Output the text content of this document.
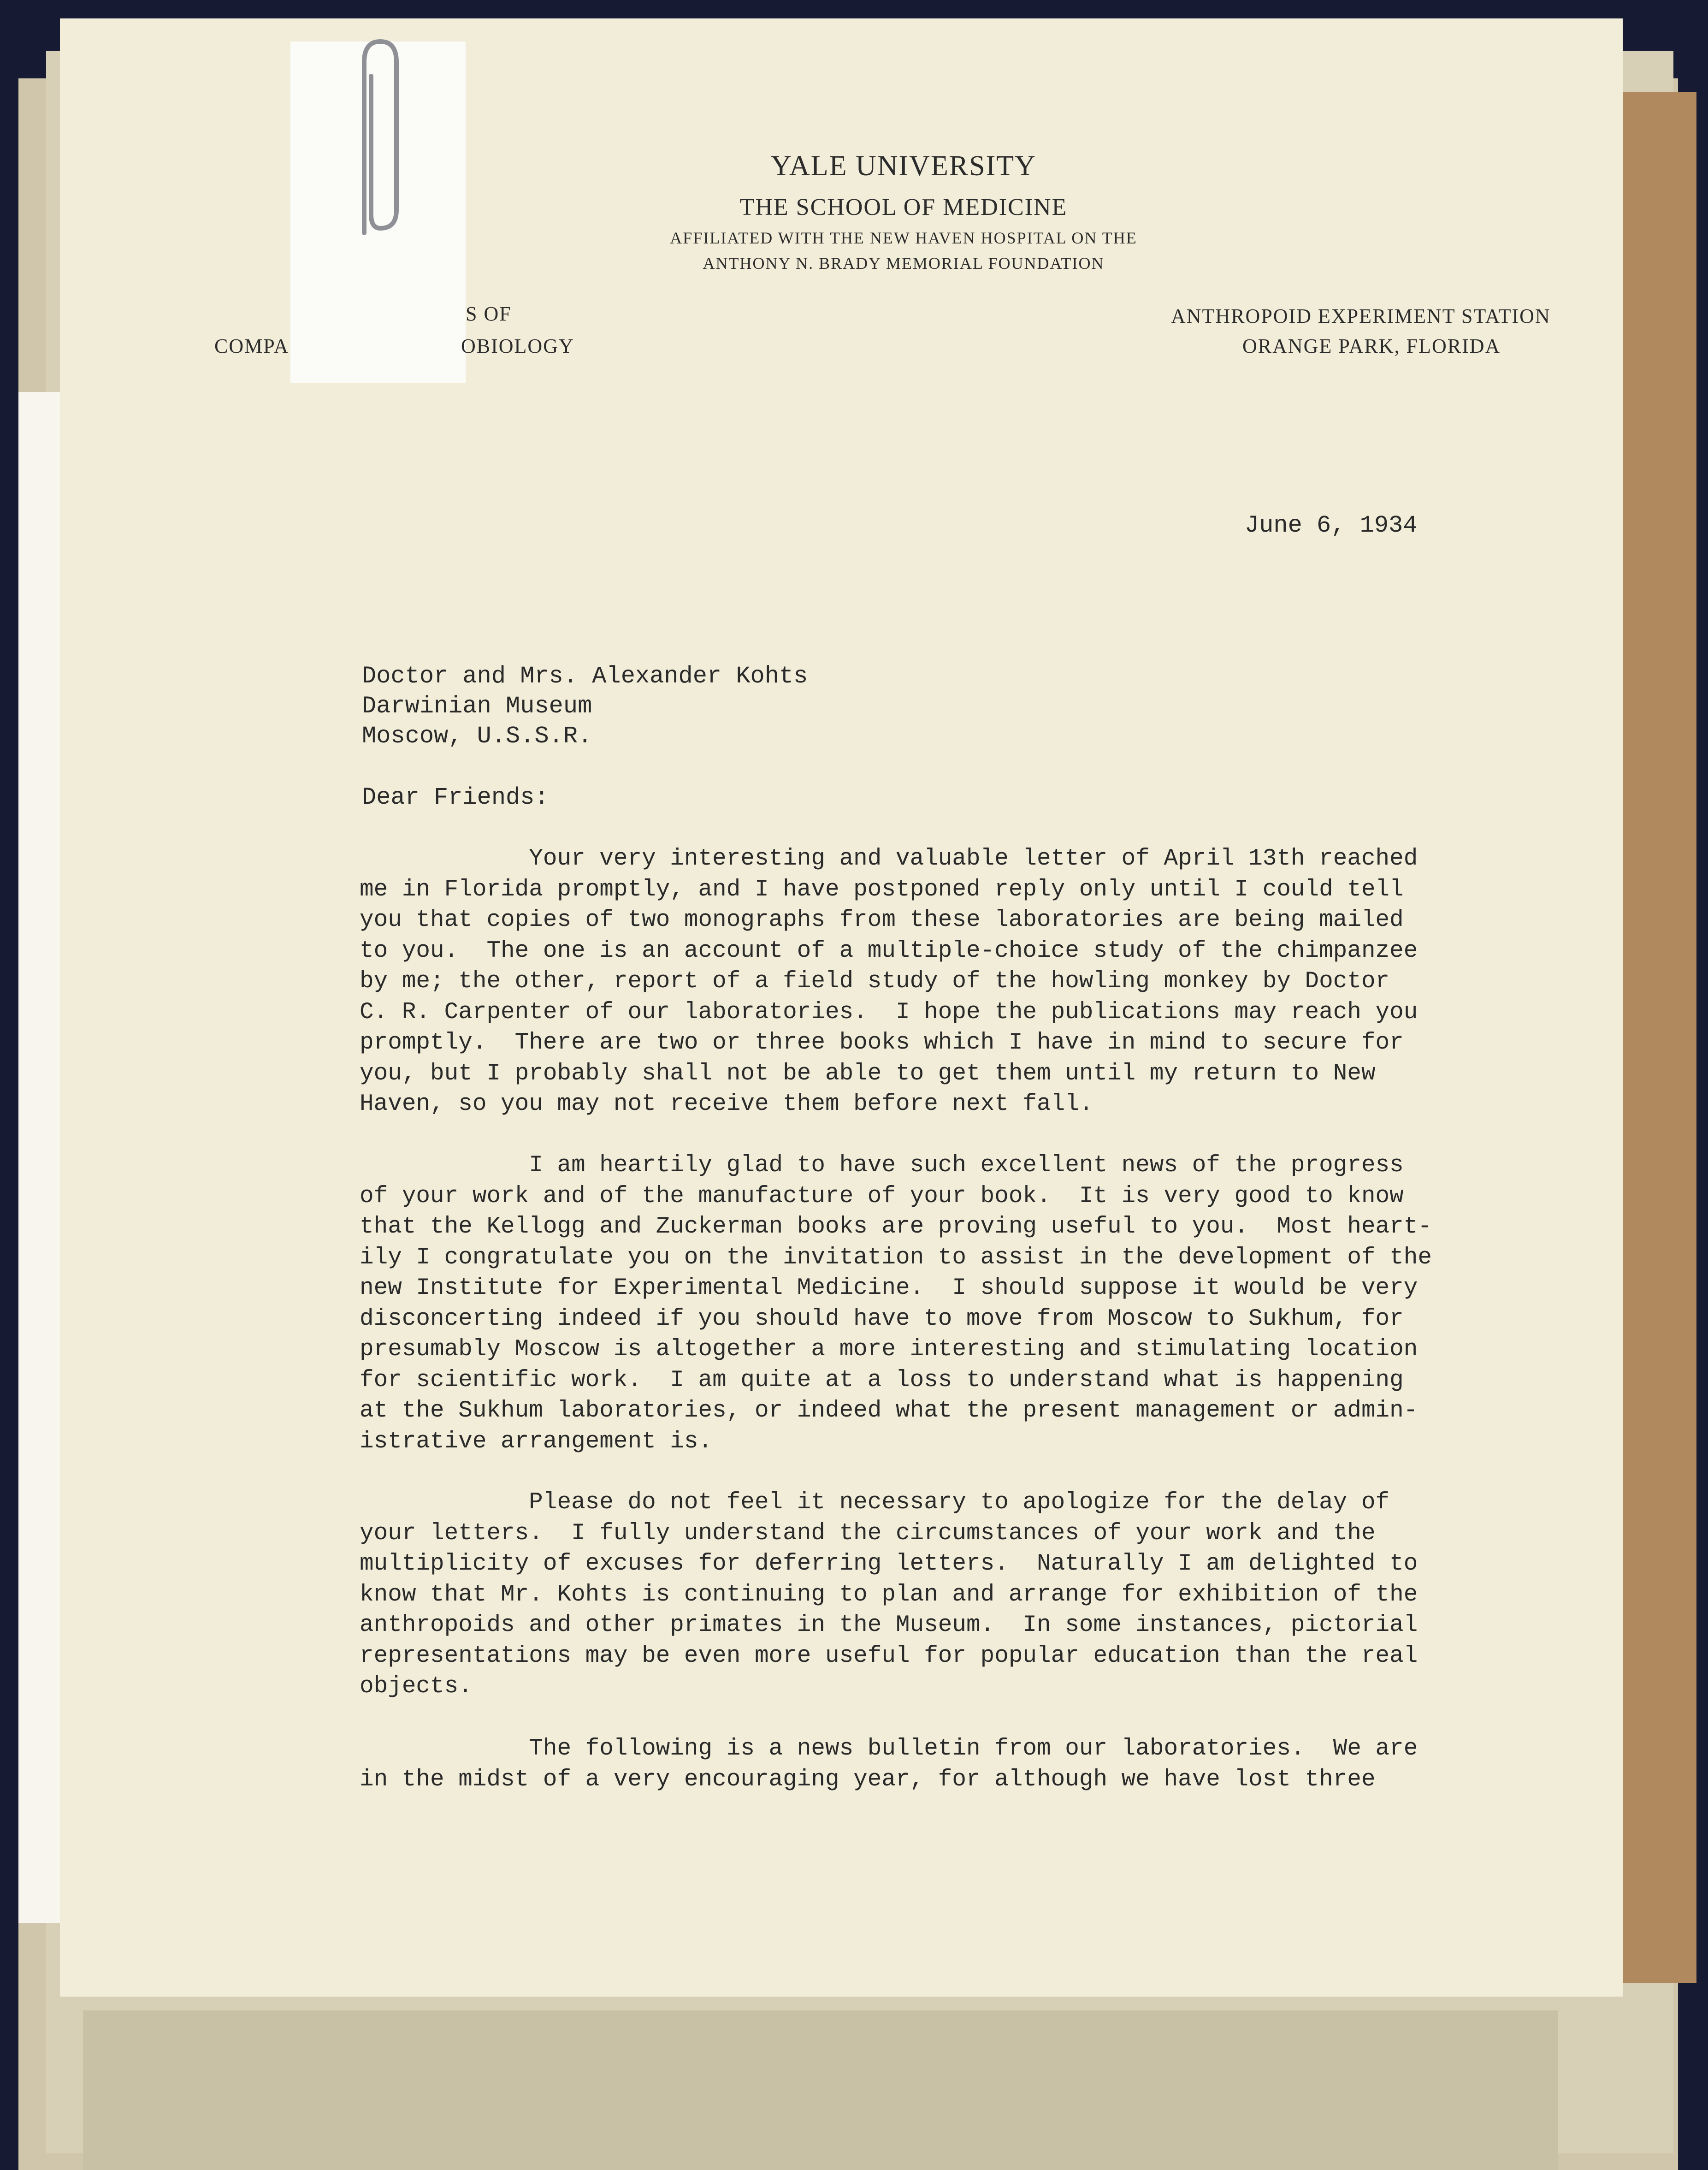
YALE UNIVERSITY
THE SCHOOL OF MEDICINE
AFFILIATED WITH THE NEW HAVEN HOSPITAL ON THE
ANTHONY N. BRADY MEMORIAL FOUNDATION
S OF
COMPA	OBIOLOGY
ANTHROPOID EXPERIMENT STATION
ORANGE PARK, FLORIDA
June 6, 1934
Doctor and Mrs. Alexander Kohts
Darwinian Museum
Moscow, U.S.S.R.
Dear Friends:
Your very interesting and valuable letter of April 13th reached
me in Florida promptly, and I have postponed reply only until I could tell
you that copies of two monographs from these laboratories are being mailed
to you.  The one is an account of a multiple-choice study of the chimpanzee
by me; the other, report of a field study of the howling monkey by Doctor
C. R. Carpenter of our laboratories.  I hope the publications may reach you
promptly.  There are two or three books which I have in mind to secure for
you, but I probably shall not be able to get them until my return to New
Haven, so you may not receive them before next fall.
I am heartily glad to have such excellent news of the progress
of your work and of the manufacture of your book.  It is very good to know
that the Kellogg and Zuckerman books are proving useful to you.  Most heart-
ily I congratulate you on the invitation to assist in the development of the
new Institute for Experimental Medicine.  I should suppose it would be very
disconcerting indeed if you should have to move from Moscow to Sukhum, for
presumably Moscow is altogether a more interesting and stimulating location
for scientific work.  I am quite at a loss to understand what is happening
at the Sukhum laboratories, or indeed what the present management or admin-
istrative arrangement is.
Please do not feel it necessary to apologize for the delay of
your letters.  I fully understand the circumstances of your work and the
multiplicity of excuses for deferring letters.  Naturally I am delighted to
know that Mr. Kohts is continuing to plan and arrange for exhibition of the
anthropoids and other primates in the Museum.  In some instances, pictorial
representations may be even more useful for popular education than the real
objects.
The following is a news bulletin from our laboratories.  We are
in the midst of a very encouraging year, for although we have lost three
